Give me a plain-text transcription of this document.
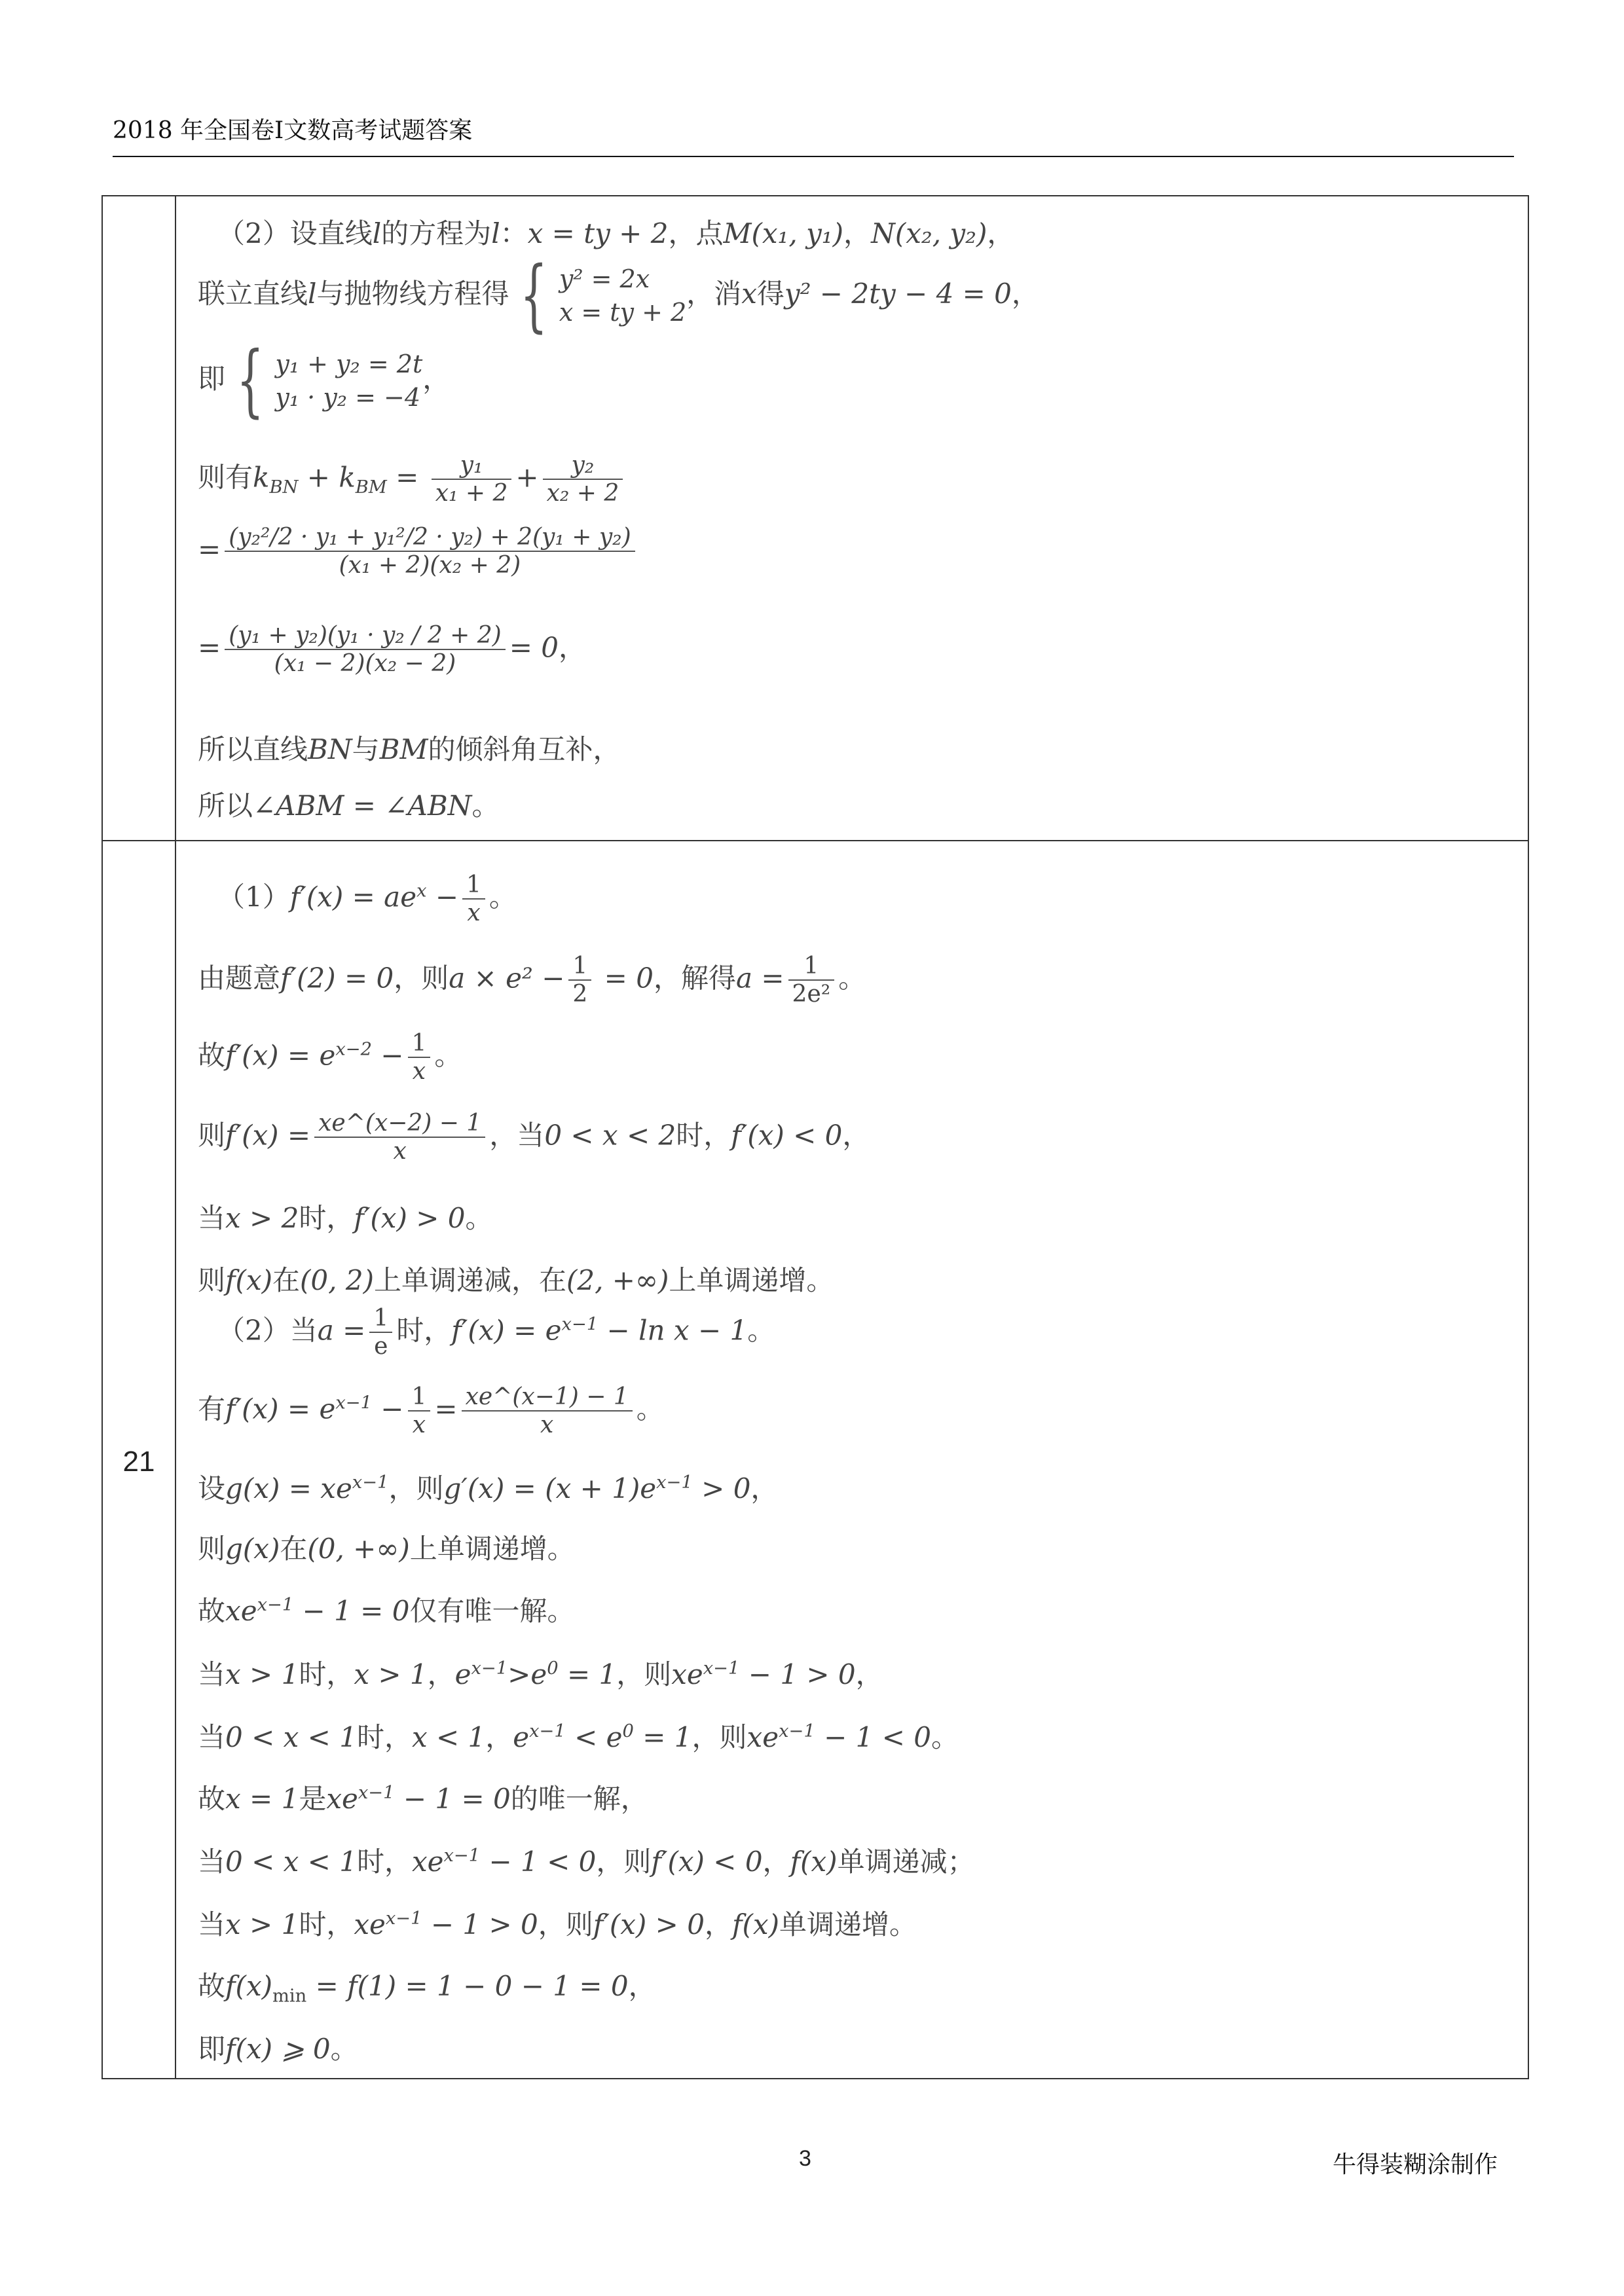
2018 年全国卷Ⅰ文数高考试题答案
（2）设直线l的方程为l：x = ty + 2，点M(x₁, y₁)，N(x₂, y₂)，
联立直线l与抛物线方程得 { y² = 2x
x = ty + 2
，消x得y² − 2ty − 4 = 0，
即 { y₁ + y₂ = 2t
y₁ · y₂ = −4
，
则有$k_{BN} + k_{BM} = \frac{\text{y₁}}{\text{x₁ + 2}} + \frac{\text{y₂}}{\text{x₂ + 2}}$
= $\frac{\text{(y₂²/2 · y₁ + y₁²/2 · y₂) + 2(y₁ + y₂)}}{\text{(x₁ + 2)(x₂ + 2)}}$
= $\frac{\text{(y₁ + y₂)(y₁ · y₂ / 2 + 2)}}{\text{(x₁ − 2)(x₂ − 2)}} = 0$，
所以直线BN与BM的倾斜角互补，
所以∠ABM = ∠ABN。
21
$(1)f'(x) = ae^x - \frac{1}{x}$ 。
由题意f′(2) = 0，则$a \times e^2 - \frac{1}{2} = 0$，解得$a = \frac{1}{\text{2e²}}$ 。
故$f'(x) = e^{x-2} - \frac{1}{x}$ 。
则$f'(x) = \frac{xe\^{}(x-2) - 1}{x}$ ，当0 < x < 2时，f′(x) < 0，
当x > 2时，f′(x) > 0。
则f(x)在(0, 2)上单调递减，在(2, +∞)上单调递增。
（2）当$a = \frac{1}{e}$ 时，$f'(x) = e^{x-1} - \ln x - 1$。
有$f'(x) = e^{x-1} - \frac{1}{x} = \frac{xe\^{}(x-1) - 1}{x}$ 。
设$g(x) = xe^{x-1}$，则$g'(x) = (x + 1)e^{x-1} > 0$，
则g(x)在(0, +∞)上单调递增。
故$xe^{x-1} - 1 = 0$仅有唯一解。
当x > 1时，x > 1，$e^{x-1}>e^0 = 1$，则$xe^{x-1} - 1 > 0$，
当0 < x < 1时，x < 1，$e^{x-1} < e^0 = 1$，则$xe^{x-1} - 1 < 0$。
故x = 1是$xe^{x-1} - 1 = 0$的唯一解，
当0 < x < 1时，$xe^{x-1} - 1 < 0$，则f′(x) < 0，f(x)单调递减；
当x > 1时，$xe^{x-1} - 1 > 0$，则f′(x) > 0，f(x)单调递增。
故$f(x)_{min} = f(1) = 1 - 0 - 1 = 0$，
即f(x) ⩾ 0。
3	牛得装糊涂制作
